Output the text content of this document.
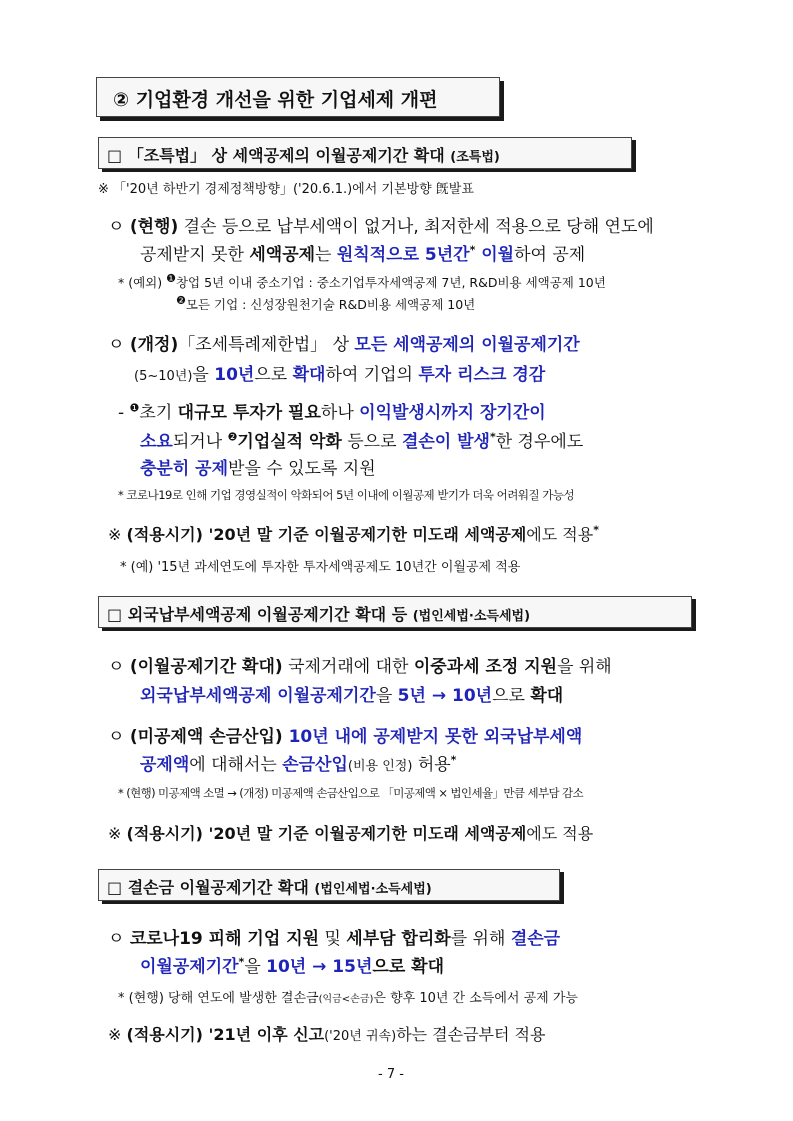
② 기업환경 개선을 위한 기업세제 개편
□ 「조특법」 상 세액공제의 이월공제기간 확대 (조특법)
※ 「'20년 하반기 경제정책방향」('20.6.1.)에서 기본방향 旣발표
ㅇ (현행) 결손 등으로 납부세액이 없거나, 최저한세 적용으로 당해 연도에
공제받지 못한 세액공제는 원칙적으로 5년간* 이월하여 공제
* (예외) ❶창업 5년 이내 중소기업 : 중소기업투자세액공제 7년, R&D비용 세액공제 10년
❷모든 기업 : 신성장원천기술 R&D비용 세액공제 10년
ㅇ (개정)「조세특례제한법」 상 모든 세액공제의 이월공제기간
(5~10년)을 10년으로 확대하여 기업의 투자 리스크 경감
- $^❶$초기 대규모 투자가 필요하나 이익발생시까지 장기간이
소요되거나 $^❷$기업실적 악화 등으로 결손이 발생*한 경우에도
충분히 공제받을 수 있도록 지원
* 코로나19로 인해 기업 경영실적이 악화되어 5년 이내에 이월공제 받기가 더욱 어려워질 가능성
※ (적용시기) '20년 말 기준 이월공제기한 미도래 세액공제에도 적용*
* (예) '15년 과세연도에 투자한 투자세액공제도 10년간 이월공제 적용
□ 외국납부세액공제 이월공제기간 확대 등 (법인세법·소득세법)
ㅇ (이월공제기간 확대) 국제거래에 대한 이중과세 조정 지원을 위해
외국납부세액공제 이월공제기간을 5년 → 10년으로 확대
ㅇ (미공제액 손금산입) 10년 내에 공제받지 못한 외국납부세액
공제액에 대해서는 손금산입(비용 인정) 허용*
* (현행) 미공제액 소멸 → (개정) 미공제액 손금산입으로 「미공제액 × 법인세율」만큼 세부담 감소
※ (적용시기) '20년 말 기준 이월공제기한 미도래 세액공제에도 적용
□ 결손금 이월공제기간 확대 (법인세법·소득세법)
ㅇ 코로나19 피해 기업 지원 및 세부담 합리화를 위해 결손금
이월공제기간*을 10년 → 15년으로 확대
* (현행) 당해 연도에 발생한 결손금(익금<손금)은 향후 10년 간 소득에서 공제 가능
※ (적용시기) '21년 이후 신고('20년 귀속)하는 결손금부터 적용
- 7 -
